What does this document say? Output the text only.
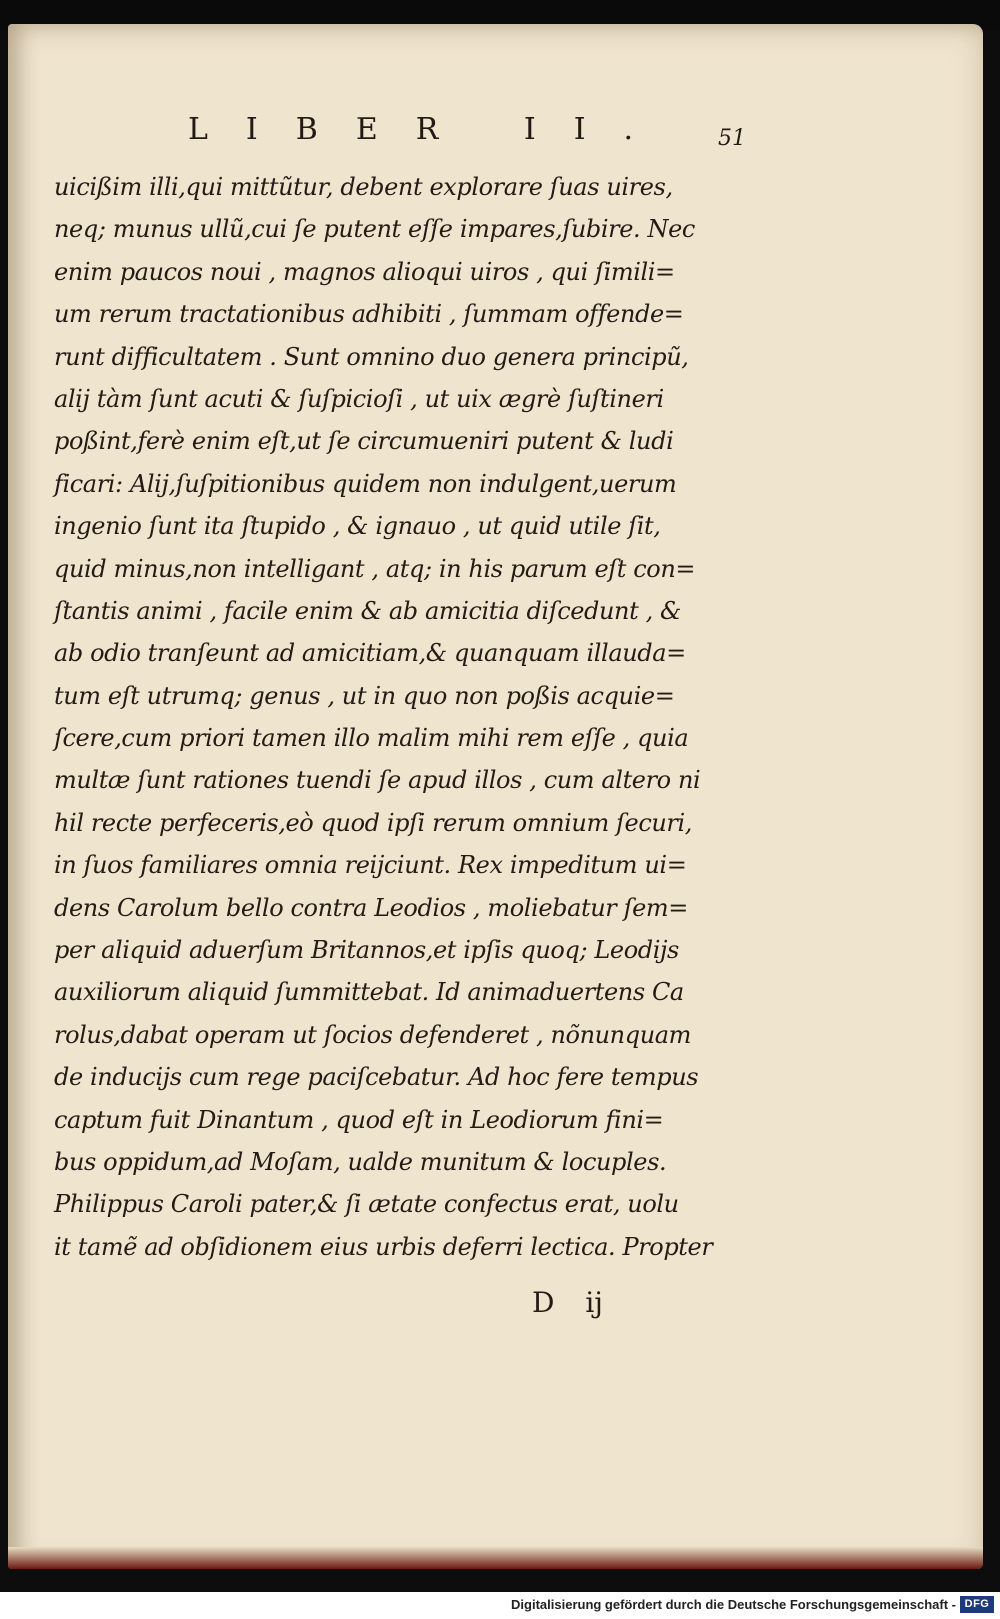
LIBER II. 51
uicißim illi,qui mittũtur, debent explorare ſuas uires,
neq; munus ullũ,cui ſe putent eſſe impares,ſubire. Nec
enim paucos noui , magnos alioqui uiros , qui ſimili=
um rerum tractationibus adhibiti , ſummam offende=
runt difficultatem . Sunt omnino duo genera principũ,
alij tàm ſunt acuti & ſuſpicioſi , ut uix ægrè ſuſtineri
poßint,ferè enim eſt,ut ſe circumueniri putent & ludi
ficari: Alij,ſuſpitionibus quidem non indulgent,uerum
ingenio ſunt ita ſtupido , & ignauo , ut quid utile ſit,
quid minus,non intelligant , atq; in his parum eſt con=
ſtantis animi , facile enim & ab amicitia diſcedunt , &
ab odio tranſeunt ad amicitiam,& quanquam illauda=
tum eſt utrumq; genus , ut in quo non poßis acquie=
ſcere,cum priori tamen illo malim mihi rem eſſe , quia
multæ ſunt rationes tuendi ſe apud illos , cum altero ni
hil recte perfeceris,eò quod ipſi rerum omnium ſecuri,
in ſuos familiares omnia reijciunt. Rex impeditum ui=
dens Carolum bello contra Leodios , moliebatur ſem=
per aliquid aduerſum Britannos,et ipſis quoq; Leodijs
auxiliorum aliquid ſummittebat. Id animaduertens Ca
rolus,dabat operam ut ſocios defenderet , nõnunquam
de inducijs cum rege paciſcebatur. Ad hoc fere tempus
captum fuit Dinantum , quod eſt in Leodiorum fini=
bus oppidum,ad Moſam, ualde munitum & locuples.
Philippus Caroli pater,& ſi ætate confectus erat, uolu
it tamẽ ad obſidionem eius urbis deferri lectica. Propter
D ij
Digitalisierung gefördert durch die Deutsche Forschungsgemeinschaft - DFG
